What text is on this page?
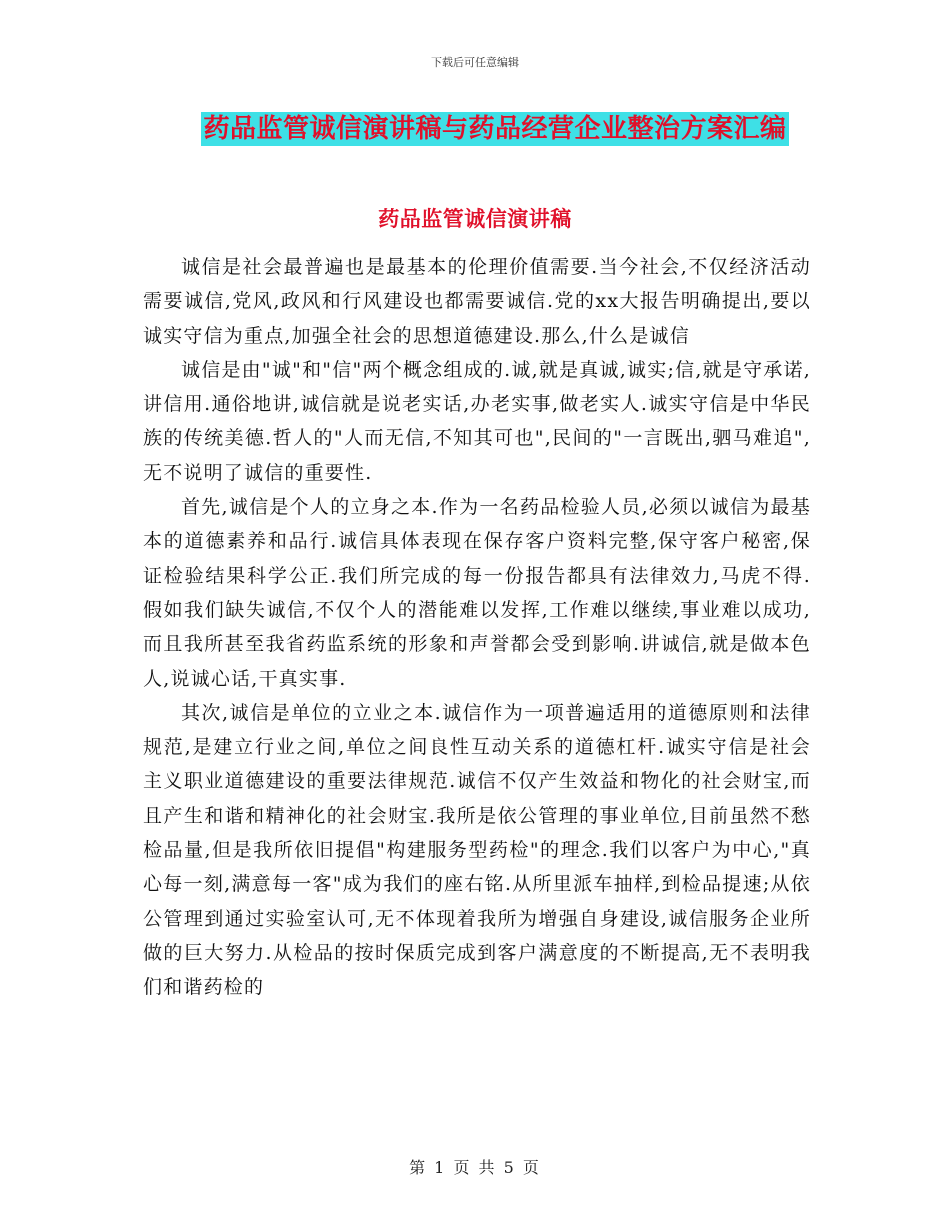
下载后可任意编辑
药品监管诚信演讲稿与药品经营企业整治方案汇编
药品监管诚信演讲稿

诚信是社会最普遍也是最基本的伦理价值需要.当今社会,不仅经济活动需要诚信,党风,政风和行风建设也都需要诚信.党的xx大报告明确提出,要以诚实守信为重点,加强全社会的思想道德建设.那么,什么是诚信

诚信是由"诚"和"信"两个概念组成的.诚,就是真诚,诚实;信,就是守承诺,讲信用.通俗地讲,诚信就是说老实话,办老实事,做老实人.诚实守信是中华民族的传统美德.哲人的"人而无信,不知其可也",民间的"一言既出,驷马难追",无不说明了诚信的重要性.

首先,诚信是个人的立身之本.作为一名药品检验人员,必须以诚信为最基本的道德素养和品行.诚信具体表现在保存客户资料完整,保守客户秘密,保证检验结果科学公正.我们所完成的每一份报告都具有法律效力,马虎不得.假如我们缺失诚信,不仅个人的潜能难以发挥,工作难以继续,事业难以成功,而且我所甚至我省药监系统的形象和声誉都会受到影响.讲诚信,就是做本色人,说诚心话,干真实事.

其次,诚信是单位的立业之本.诚信作为一项普遍适用的道德原则和法律规范,是建立行业之间,单位之间良性互动关系的道德杠杆.诚实守信是社会主义职业道德建设的重要法律规范.诚信不仅产生效益和物化的社会财宝,而且产生和谐和精神化的社会财宝.我所是依公管理的事业单位,目前虽然不愁检品量,但是我所依旧提倡"构建服务型药检"的理念.我们以客户为中心,"真心每一刻,满意每一客"成为我们的座右铭.从所里派车抽样,到检品提速;从依公管理到通过实验室认可,无不体现着我所为增强自身建设,诚信服务企业所做的巨大努力.从检品的按时保质完成到客户满意度的不断提高,无不表明我们和谐药检的

第 1 页 共 5 页
